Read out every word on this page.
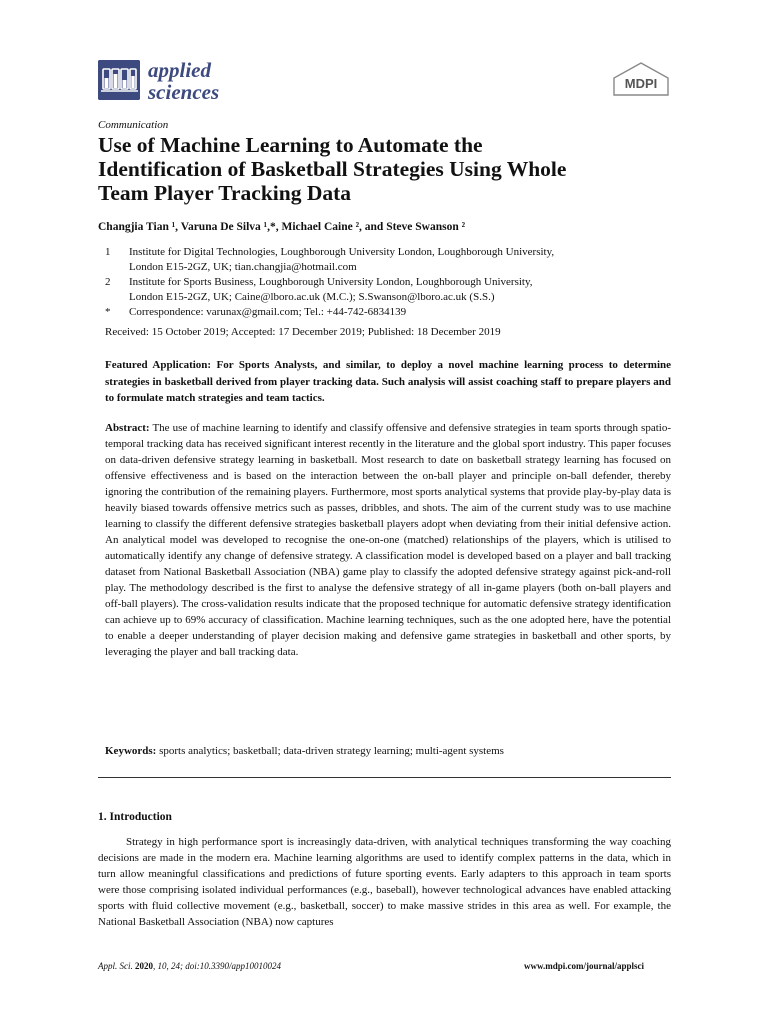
applied
sciences	MDPI
Communication
Use of Machine Learning to Automate the
Identification of Basketball Strategies Using Whole
Team Player Tracking Data
Changjia Tian ¹, Varuna De Silva ¹,*, Michael Caine ², and Steve Swanson ²
1 Institute for Digital Technologies, Loughborough University London, Loughborough University,
London E15-2GZ, UK; tian.changjia@hotmail.com
2 Institute for Sports Business, Loughborough University London, Loughborough University,
London E15-2GZ, UK; Caine@lboro.ac.uk (M.C.); S.Swanson@lboro.ac.uk (S.S.)
* Correspondence: varunax@gmail.com; Tel.: +44-742-6834139
Received: 15 October 2019; Accepted: 17 December 2019; Published: 18 December 2019
Featured Application: For Sports Analysts, and similar, to deploy a novel machine learning process to determine strategies in basketball derived from player tracking data. Such analysis will assist coaching staff to prepare players and to formulate match strategies and team tactics.
Abstract: The use of machine learning to identify and classify offensive and defensive strategies in team sports through spatio-temporal tracking data has received significant interest recently in the literature and the global sport industry. This paper focuses on data-driven defensive strategy learning in basketball. Most research to date on basketball strategy learning has focused on offensive effectiveness and is based on the interaction between the on-ball player and principle on-ball defender, thereby ignoring the contribution of the remaining players. Furthermore, most sports analytical systems that provide play-by-play data is heavily biased towards offensive metrics such as passes, dribbles, and shots. The aim of the current study was to use machine learning to classify the different defensive strategies basketball players adopt when deviating from their initial defensive action. An analytical model was developed to recognise the one-on-one (matched) relationships of the players, which is utilised to automatically identify any change of defensive strategy. A classification model is developed based on a player and ball tracking dataset from National Basketball Association (NBA) game play to classify the adopted defensive strategy against pick-and-roll play. The methodology described is the first to analyse the defensive strategy of all in-game players (both on-ball players and off-ball players). The cross-validation results indicate that the proposed technique for automatic defensive strategy identification can achieve up to 69% accuracy of classification. Machine learning techniques, such as the one adopted here, have the potential to enable a deeper understanding of player decision making and defensive game strategies in basketball and other sports, by leveraging the player and ball tracking data.
Keywords: sports analytics; basketball; data-driven strategy learning; multi-agent systems
1. Introduction

Strategy in high performance sport is increasingly data-driven, with analytical techniques transforming the way coaching decisions are made in the modern era. Machine learning algorithms are used to identify complex patterns in the data, which in turn allow meaningful classifications and predictions of future sporting events. Early adapters to this approach in team sports were those comprising isolated individual performances (e.g., baseball), however technological advances have enabled attacking sports with fluid collective movement (e.g., basketball, soccer) to make massive strides in this area as well. For example, the National Basketball Association (NBA) now captures

Appl. Sci. 2020, 10, 24; doi:10.3390/app10010024	www.mdpi.com/journal/applsci
